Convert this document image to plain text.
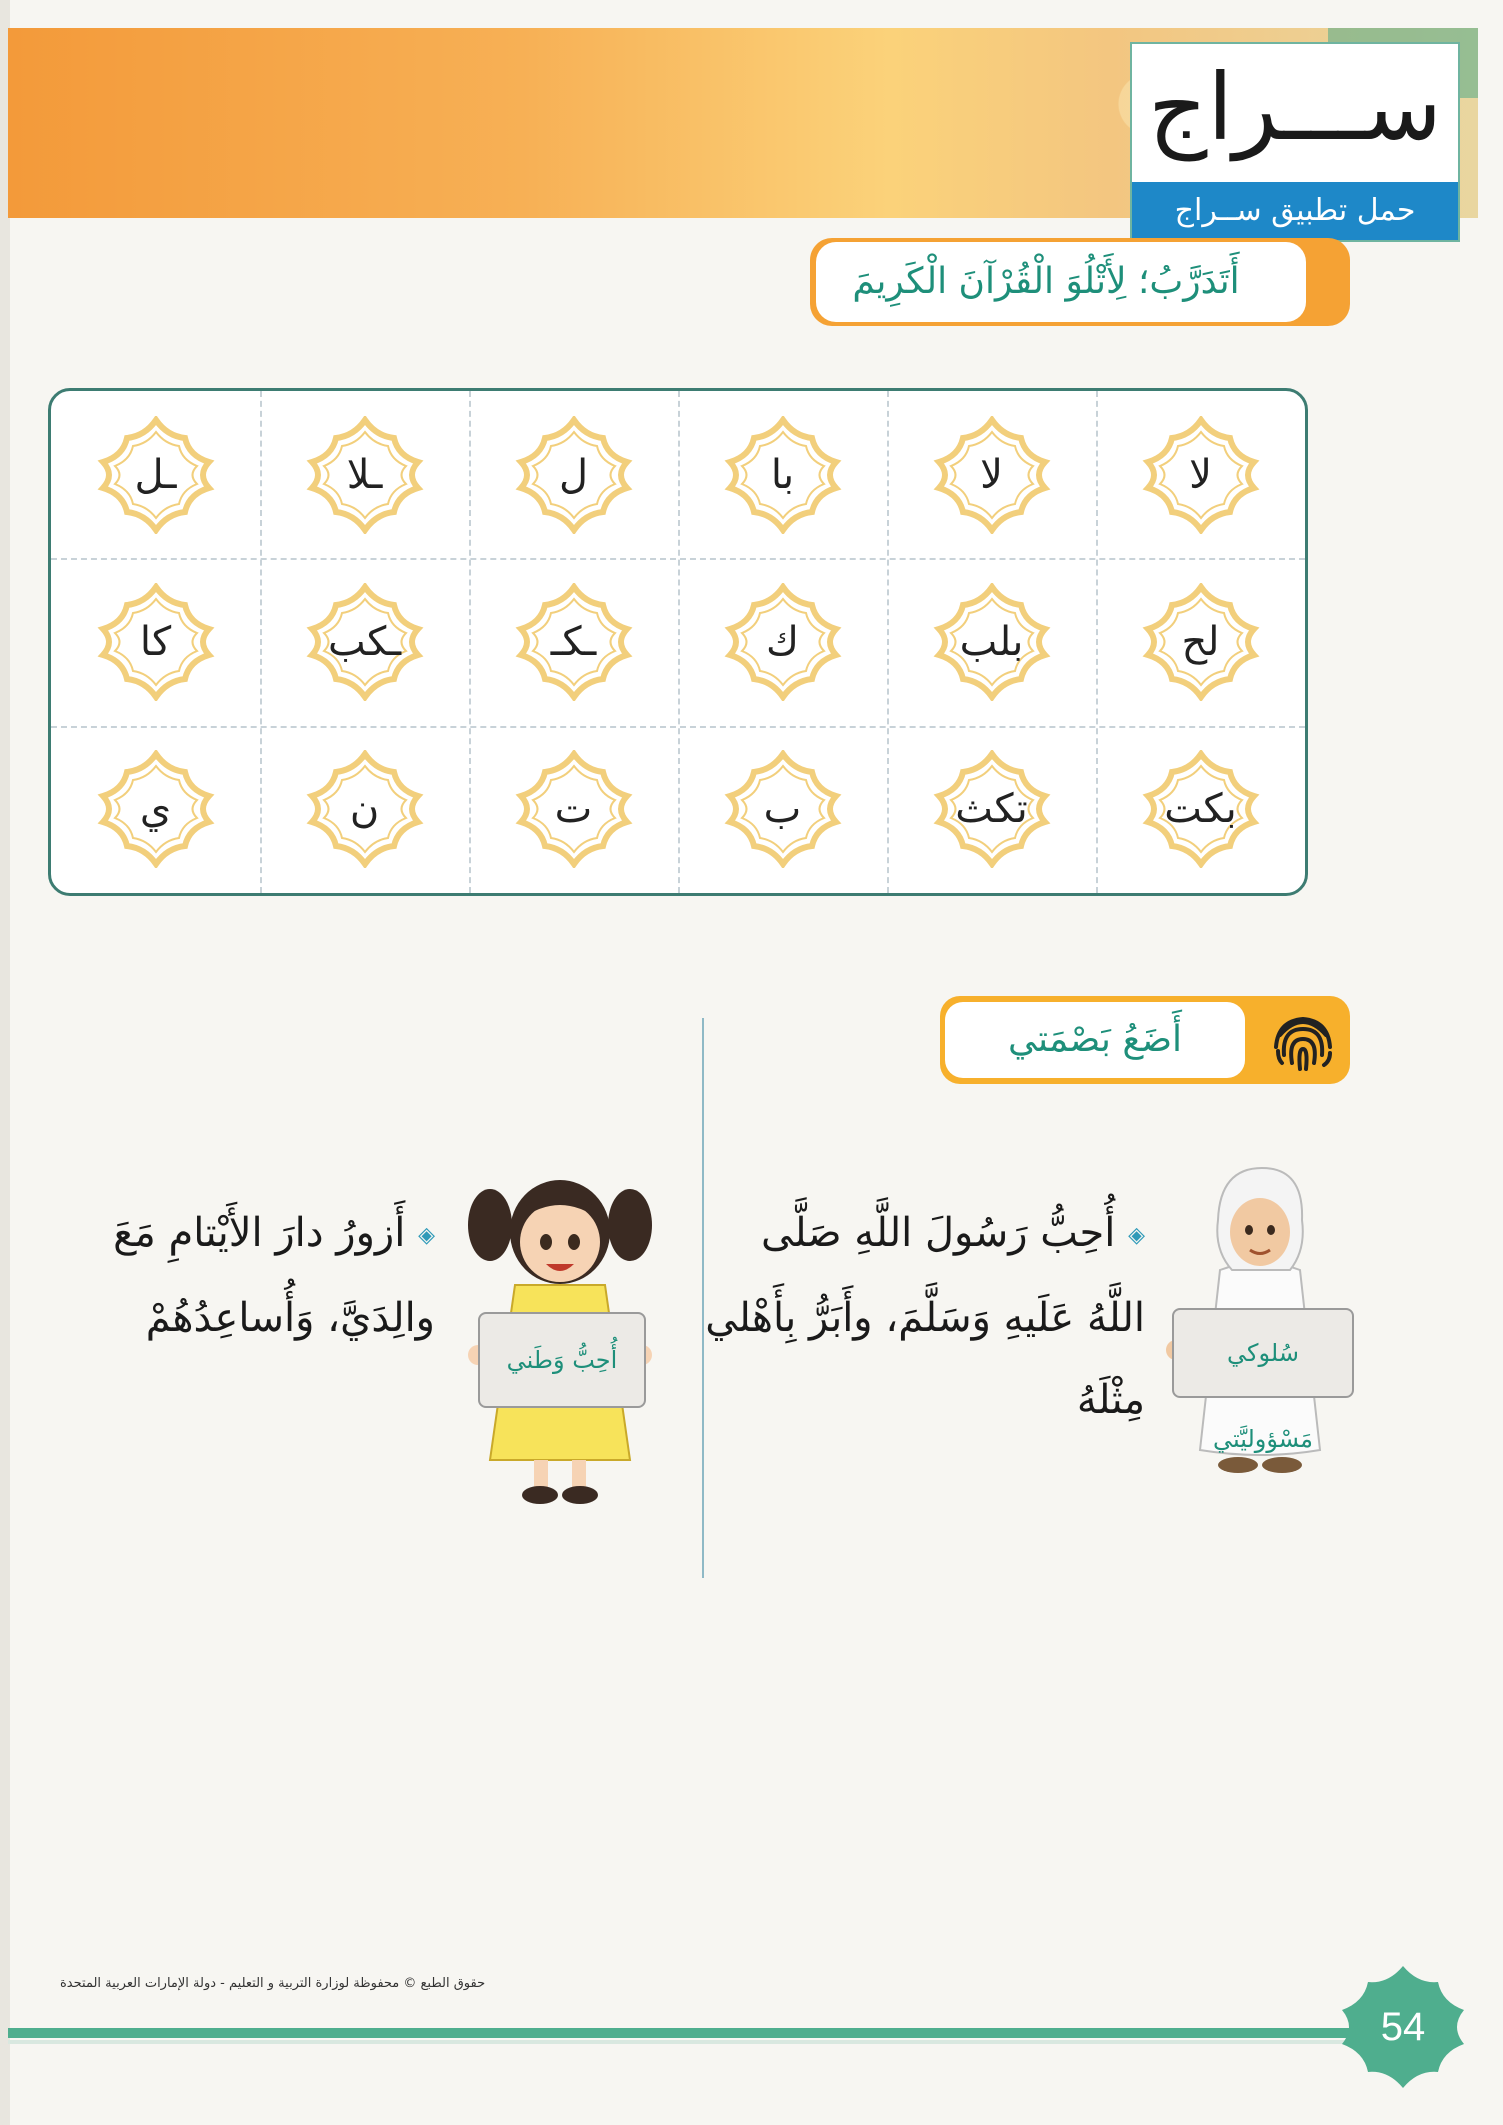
ســـراج
حمل تطبيق ســراج
أَتَدَرَّبُ؛ لِأَتْلُوَ الْقُرْآنَ الْكَرِيمَ
لا
لا
با
ل
ـلا
ـل
لح
بلب
ك
ـكـ
ـكب
كا
بكت
تكث
ب
ت
ن
ي
أَضَعُ بَصْمَتي
◈ أُحِبُّ رَسُولَ اللَّهِ صَلَّى اللَّهُ عَلَيهِ وَسَلَّمَ، وأَبَرُّ بِأَهْلي مِثْلَهُ
◈ أَزورُ دارَ الأَيْتامِ مَعَ والِدَيَّ، وَأُساعِدُهُمْ
سُلوكي مَسْؤوليَّتي
أُحِبُّ وَطَني
حقوق الطبع © محفوظة لوزارة التربية و التعليم - دولة الإمارات العربية المتحدة
54
